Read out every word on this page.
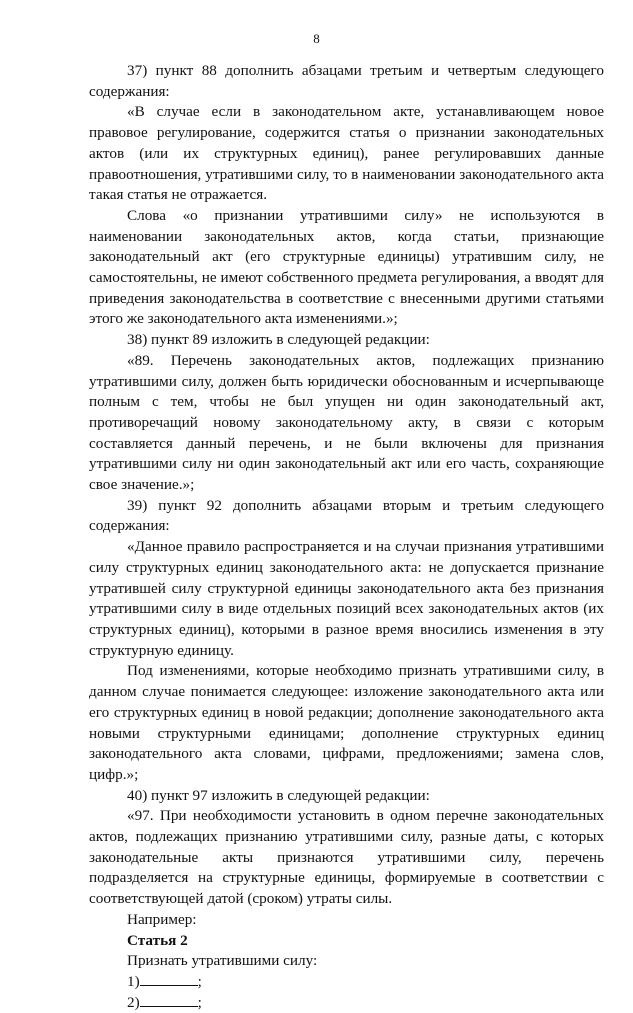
8

37) пункт 88 дополнить абзацами третьим и четвертым следующего содержания:

«В случае если в законодательном акте, устанавливающем новое правовое регулирование, содержится статья о признании законодательных актов (или их структурных единиц), ранее регулировавших данные правоотношения, утратившими силу, то в наименовании законодательного акта такая статья не отражается.

Слова «о признании утратившими силу» не используются в наименовании законодательных актов, когда статьи, признающие законодательный акт (его структурные единицы) утратившим силу, не самостоятельны, не имеют собственного предмета регулирования, а вводят для приведения законодательства в соответствие с внесенными другими статьями этого же законодательного акта изменениями.»;

38) пункт 89 изложить в следующей редакции:

«89. Перечень законодательных актов, подлежащих признанию утратившими силу, должен быть юридически обоснованным и исчерпывающе полным с тем, чтобы не был упущен ни один законодательный акт, противоречащий новому законодательному акту, в связи с которым составляется данный перечень, и не были включены для признания утратившими силу ни один законодательный акт или его часть, сохраняющие свое значение.»;

39) пункт 92 дополнить абзацами вторым и третьим следующего содержания:

«Данное правило распространяется и на случаи признания утратившими силу структурных единиц законодательного акта: не допускается признание утратившей силу структурной единицы законодательного акта без признания утратившими силу в виде отдельных позиций всех законодательных актов (их структурных единиц), которыми в разное время вносились изменения в эту структурную единицу.

Под изменениями, которые необходимо признать утратившими силу, в данном случае понимается следующее: изложение законодательного акта или его структурных единиц в новой редакции; дополнение законодательного акта новыми структурными единицами; дополнение структурных единиц законодательного акта словами, цифрами, предложениями; замена слов, цифр.»;

40) пункт 97 изложить в следующей редакции:

«97. При необходимости установить в одном перечне законодательных актов, подлежащих признанию утратившими силу, разные даты, с которых законодательные акты признаются утратившими силу, перечень подразделяется на структурные единицы, формируемые в соответствии с соответствующей датой (сроком) утраты силы.

Например:

Статья 2

Признать утратившими силу:

1)	;

2)	;
